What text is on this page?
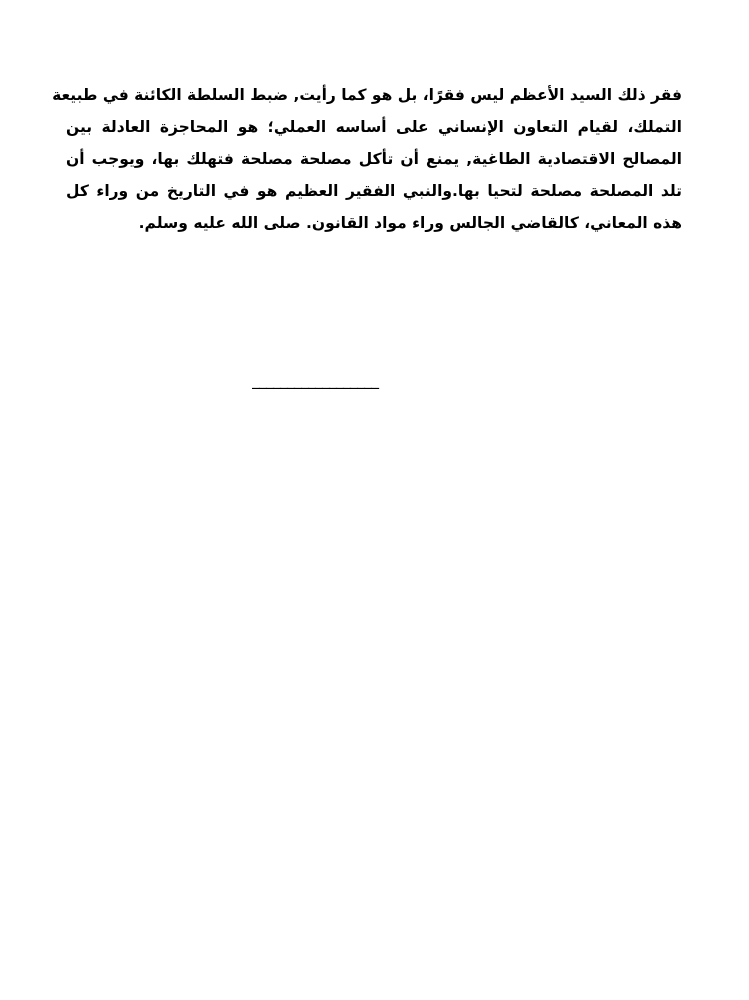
فقر ذلك السيد الأعظم ليس فقرًا، بل هو كما رأيت, ضبط السلطة الكائنة في طبيعة
التملك، لقيام التعاون الإنساني على أساسه العملي؛ هو المحاجزة العادلة بين
المصالح الاقتصادية الطاغية, يمنع أن تأكل مصلحة مصلحة فتهلك بها، ويوجب أن
تلد المصلحة مصلحة لتحيا بها.والنبي الفقير العظيم هو في التاريخ من وراء كل
هذه المعاني، كالقاضي الجالس وراء مواد القانون. صلى الله عليه وسلم.
__________________
